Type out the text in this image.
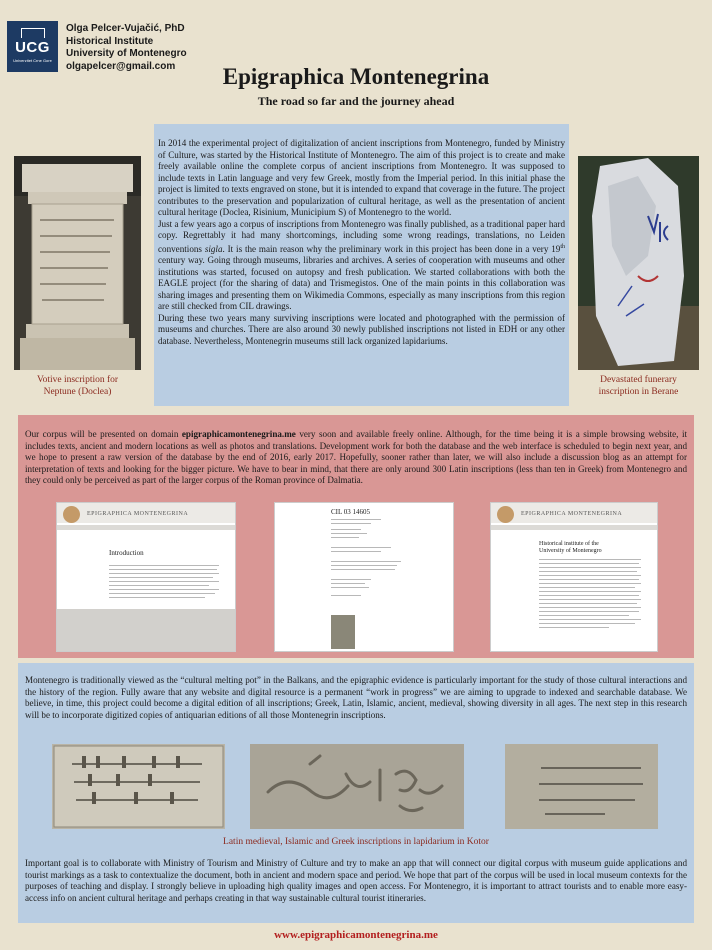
UCG
Univerzitet Crne Gore
Olga Pelcer-Vujačić, PhD
Historical Institute
University of Montenegro
olgapelcer@gmail.com	Epigraphica Montenegrina
The road so far and the journey ahead
Votive inscription for
Neptune (Doclea)

In 2014 the experimental project of digitalization of ancient inscriptions from Montenegro, funded by Ministry of Culture, was started by the Historical Institute of Montenegro. The aim of this project is to create and make freely available online the complete corpus of ancient inscriptions from Montenegro. It was supposed to include texts in Latin language and very few Greek, mostly from the Imperial period. In this initial phase the project is limited to texts engraved on stone, but it is intended to expand that coverage in the future. The project contributes to the preservation and popularization of cultural heritage, as well as the presentation of ancient cultural heritage (Doclea, Risinium, Municipium S) of Montenegro to the world.

Just a few years ago a corpus of inscriptions from Montenegro was finally published, as a traditional paper hard copy. Regrettably it had many shortcomings, including some wrong readings, translations, no Leiden conventions sigla. It is the main reason why the preliminary work in this project has been done in a very 19th century way. Going through museums, libraries and archives. A series of cooperation with museums and other institutions was started, focused on autopsy and fresh publication. We started collaborations with both the EAGLE project (for the sharing of data) and Trismegistos. One of the main points in this collaboration was sharing images and presenting them on Wikimedia Commons, especially as many inscriptions from this region are still checked from CIL drawings.

During these two years many surviving inscriptions were located and photographed with the permission of museums and churches. There are also around 30 newly published inscriptions not listed in EDH or any other database. Nevertheless, Montenegrin museums still lack organized lapidariums.

Devastated funerary
inscription in Berane

Our corpus will be presented on domain epigraphicamontenegrina.me very soon and available freely online. Although, for the time being it is a simple browsing website, it includes texts, ancient and modern locations as well as photos and translations. Development work for both the database and the web interface is scheduled to begin next year, and we hope to present a raw version of the database by the end of 2016, early 2017. Hopefully, sooner rather than later, we will also include a discussion blog as an attempt for interpretation of texts and looking for the bigger picture. We have to bear in mind, that there are only around 300 Latin inscriptions (less than ten in Greek) from Montenegro and they could only be perceived as part of the larger corpus of the Roman province of Dalmatia.

EPIGRAPHICA MONTENEGRINA
Introduction
CIL 03 14605	EPIGRAPHICA MONTENEGRINA
Historical institute of the
University of Montenegro

Montenegro is traditionally viewed as the “cultural melting pot” in the Balkans, and the epigraphic evidence is particularly important for the study of those cultural interactions and the history of the region. Fully aware that any website and digital resource is a permanent “work in progress” we are aiming to upgrade to indexed and searchable database. We believe, in time, this project could become a digital edition of all inscriptions; Greek, Latin, Islamic, ancient, medieval, showing diversity in all ages. The next step in this research will be to incorporate digitized copies of antiquarian editions of all those Montenegrin inscriptions.

Latin medieval, Islamic and Greek inscriptions in lapidarium in Kotor
Important goal is to collaborate with Ministry of Tourism and Ministry of Culture and try to make an app that will connect our digital corpus with museum guide applications and tourist markings as a task to contextualize the document, both in ancient and modern space and period. We hope that part of the corpus will be used in local museum contexts for the purposes of teaching and display. I strongly believe in uploading high quality images and open access. For Montenegro, it is important to attract tourists and to enable more easy-access info on ancient cultural heritage and perhaps creating in that way sustainable cultural tourist itineraries.
www.epigraphicamontenegrina.me
